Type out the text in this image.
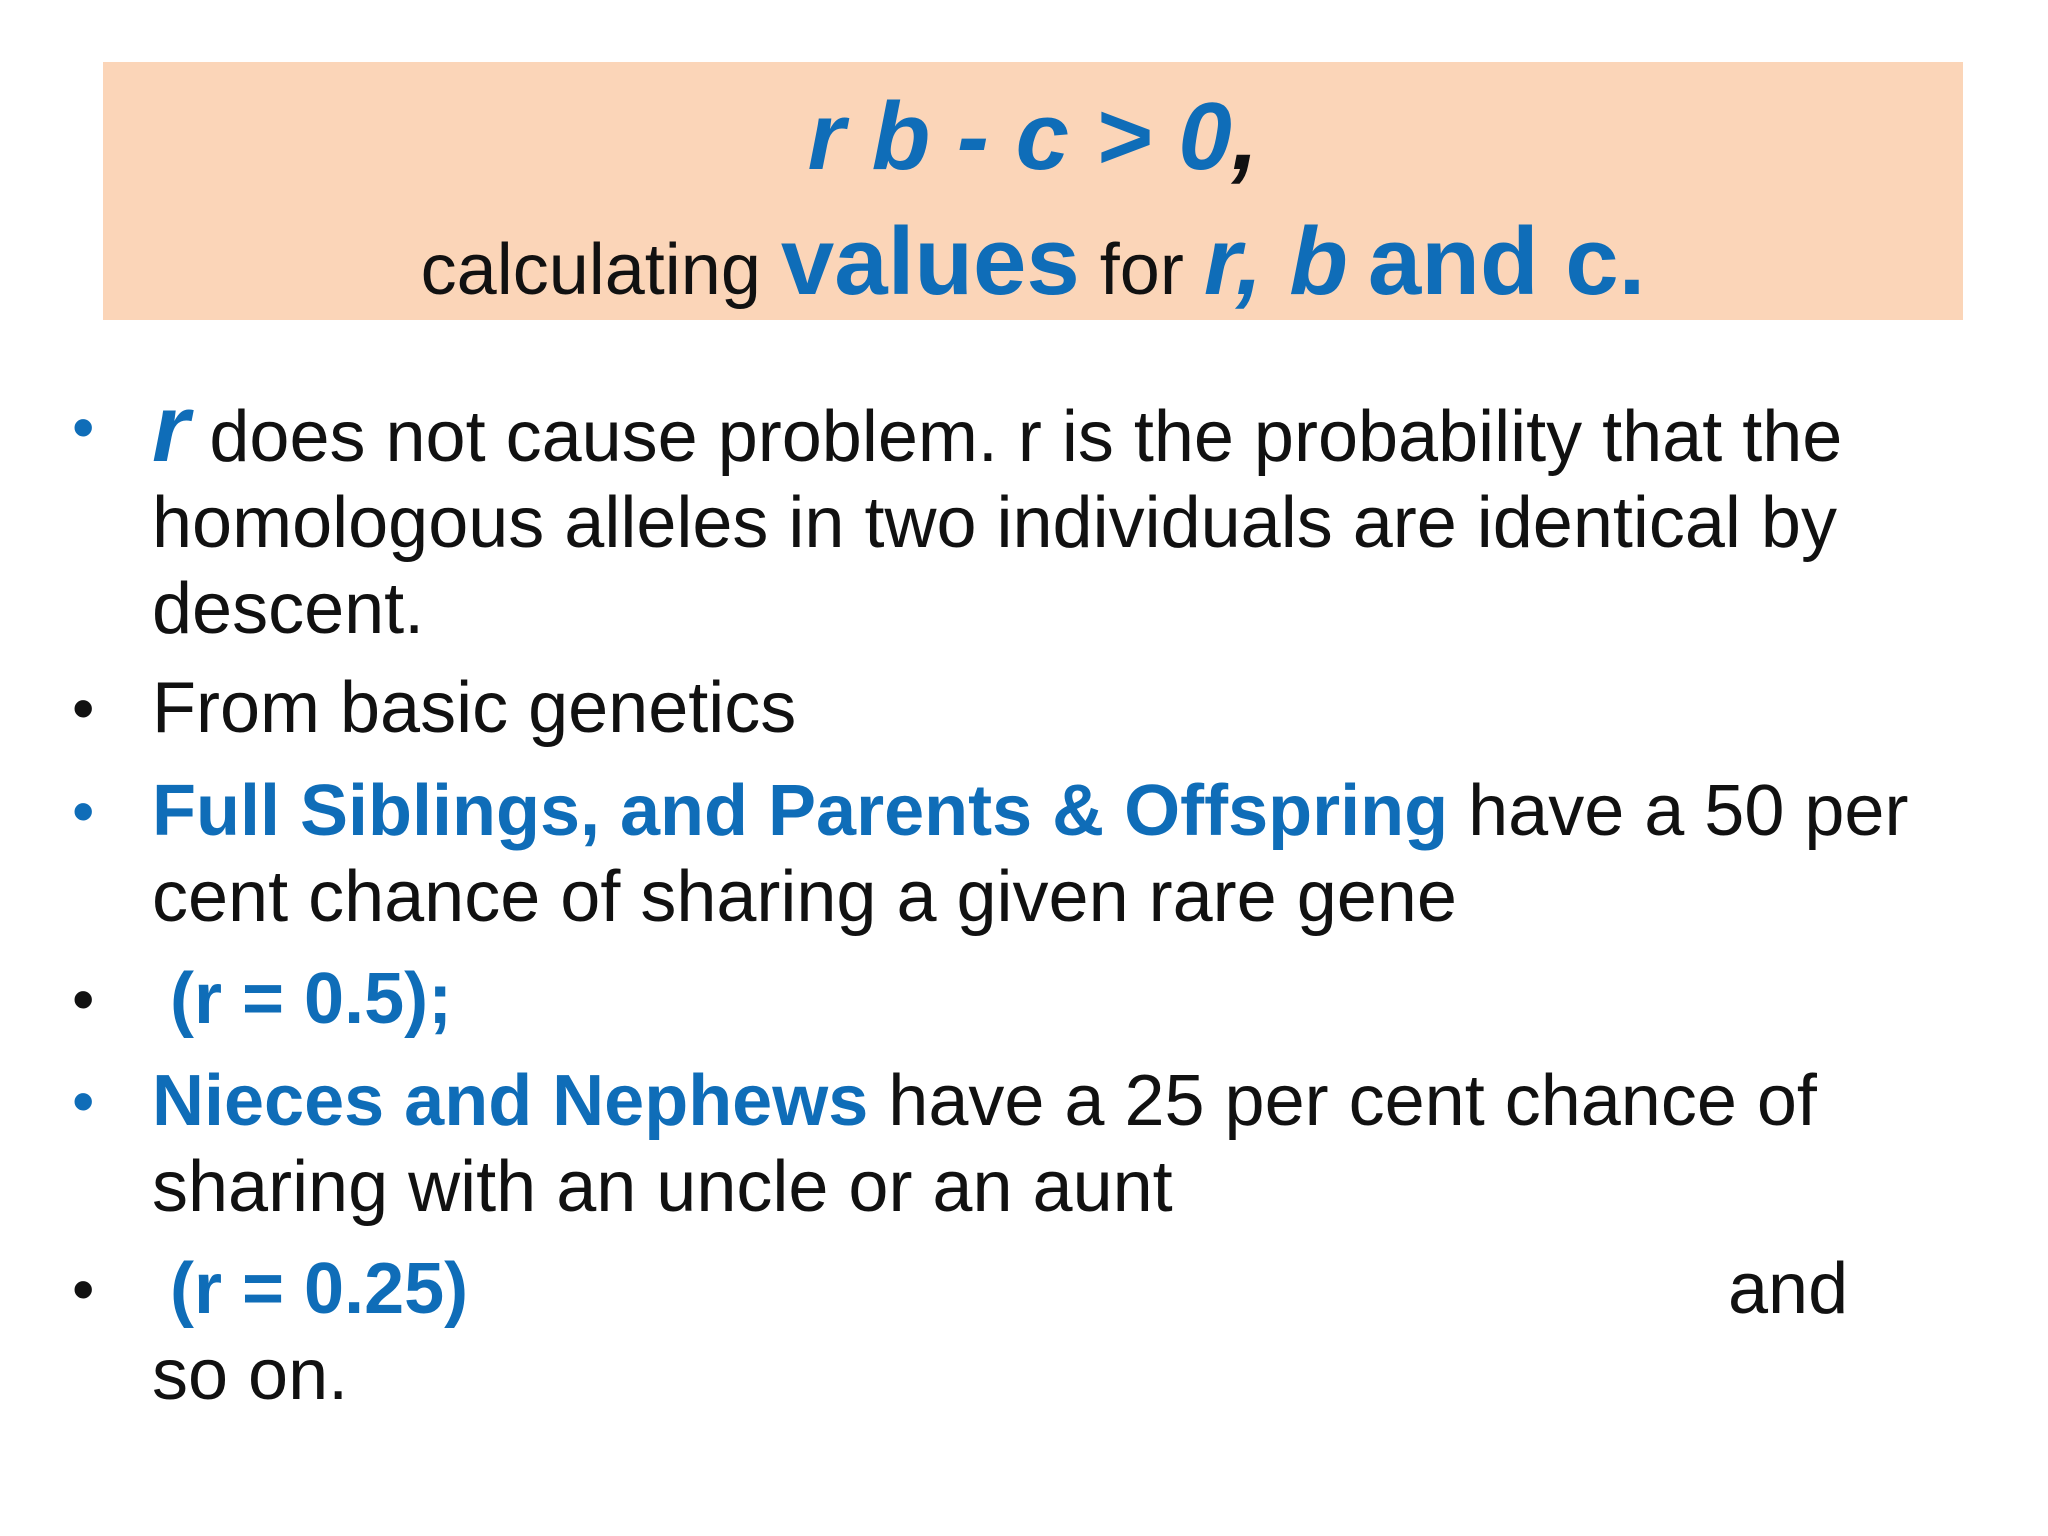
r b - c > 0,
calculating values for r, b and c.
• r does not cause problem. r is the probability that the homologous alleles in two individuals are identical by descent.
• From basic genetics
• Full Siblings, and Parents & Offspring have a 50 per cent chance of sharing a given rare gene
• (r = 0.5);
• Nieces and Nephews have a 25 per cent chance of sharing with an uncle or an aunt
• (r = 0.25)	and
so on.
